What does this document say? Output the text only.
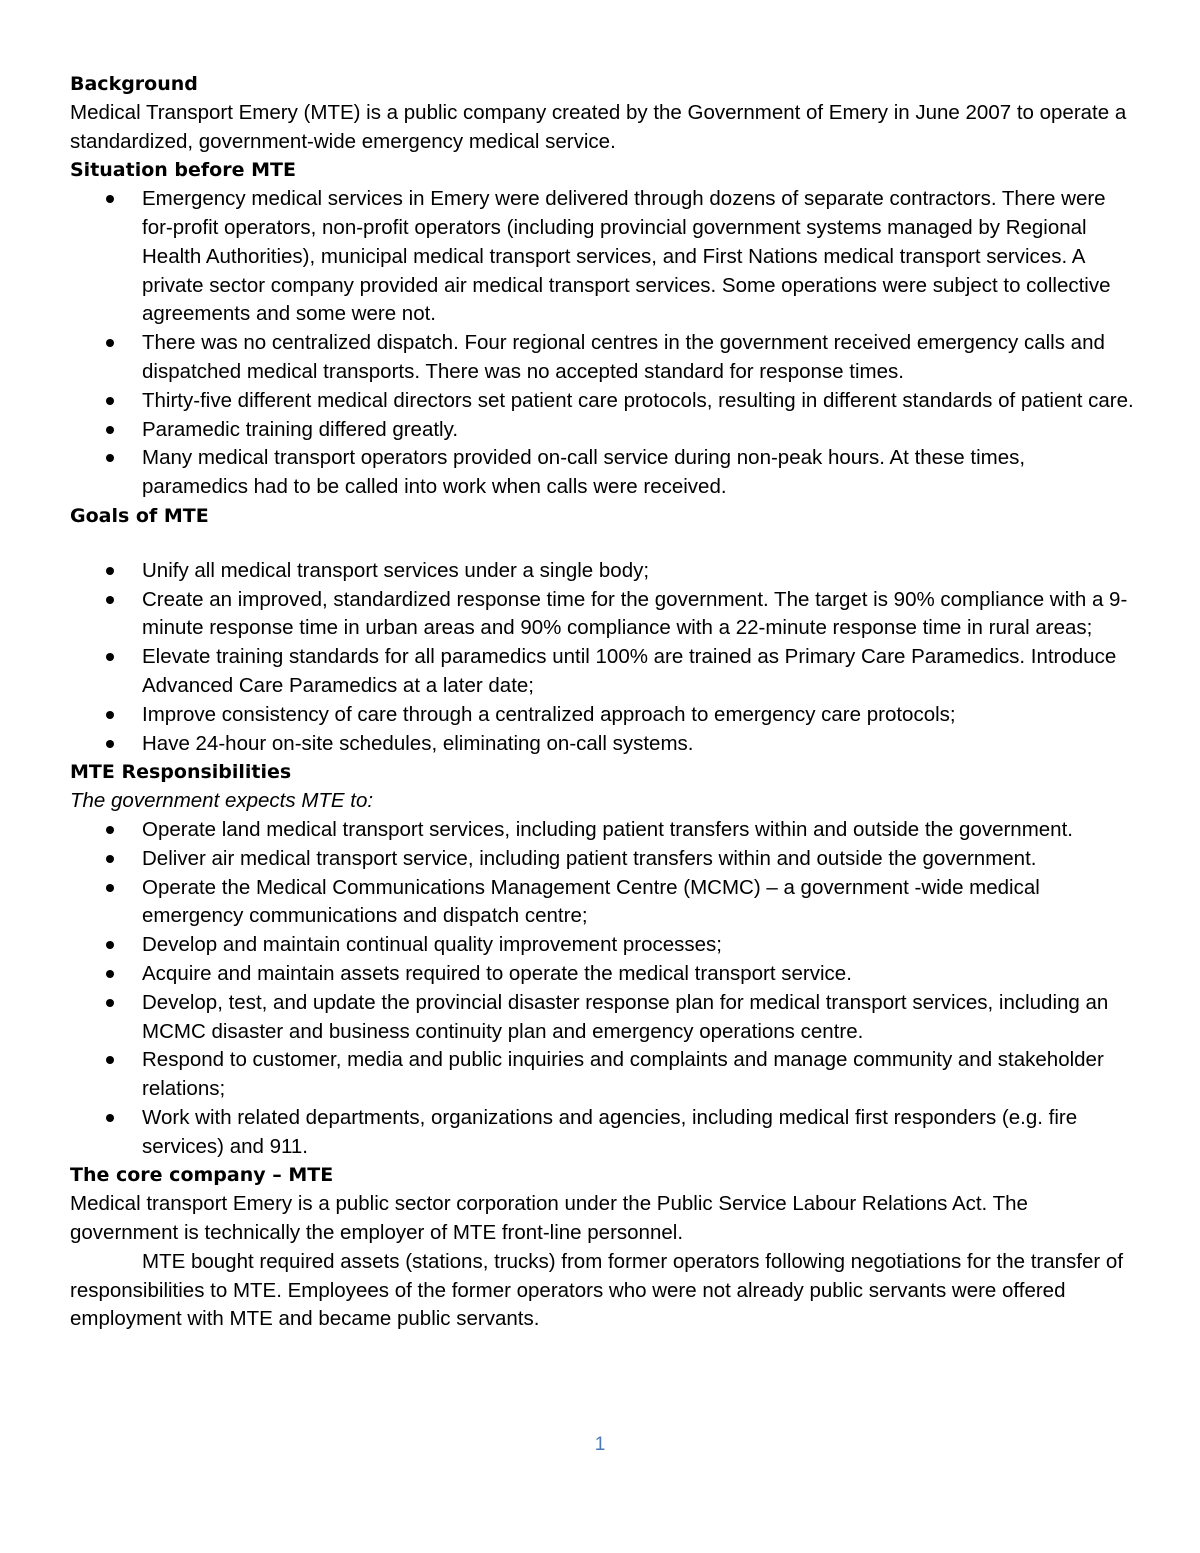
Background

Medical Transport Emery (MTE) is a public company created by the Government of Emery in June 2007 to operate a standardized, government-wide emergency medical service.

Situation before MTE
Emergency medical services in Emery were delivered through dozens of separate contractors. There were for-profit operators, non-profit operators (including provincial government systems managed by Regional Health Authorities), municipal medical transport services, and First Nations medical transport services. A private sector company provided air medical transport services. Some operations were subject to collective agreements and some were not.
There was no centralized dispatch. Four regional centres in the government received emergency calls and dispatched medical transports. There was no accepted standard for response times.
Thirty-five different medical directors set patient care protocols, resulting in different standards of patient care.
Paramedic training differed greatly.
Many medical transport operators provided on-call service during non-peak hours. At these times, paramedics had to be called into work when calls were received.
Goals of MTE
Unify all medical transport services under a single body;
Create an improved, standardized response time for the government. The target is 90% compliance with a 9-minute response time in urban areas and 90% compliance with a 22-minute response time in rural areas;
Elevate training standards for all paramedics until 100% are trained as Primary Care Paramedics. Introduce Advanced Care Paramedics at a later date;
Improve consistency of care through a centralized approach to emergency care protocols;
Have 24-hour on-site schedules, eliminating on-call systems.
MTE Responsibilities

The government expects MTE to:

Operate land medical transport services, including patient transfers within and outside the government.
Deliver air medical transport service, including patient transfers within and outside the government.
Operate the Medical Communications Management Centre (MCMC) – a government -wide medical emergency communications and dispatch centre;
Develop and maintain continual quality improvement processes;
Acquire and maintain assets required to operate the medical transport service.
Develop, test, and update the provincial disaster response plan for medical transport services, including an MCMC disaster and business continuity plan and emergency operations centre.
Respond to customer, media and public inquiries and complaints and manage community and stakeholder relations;
Work with related departments, organizations and agencies, including medical first responders (e.g. fire services) and 911.
The core company – MTE

Medical transport Emery is a public sector corporation under the Public Service Labour Relations Act. The government is technically the employer of MTE front-line personnel.

MTE bought required assets (stations, trucks) from former operators following negotiations for the transfer of responsibilities to MTE. Employees of the former operators who were not already public servants were offered employment with MTE and became public servants.

1
